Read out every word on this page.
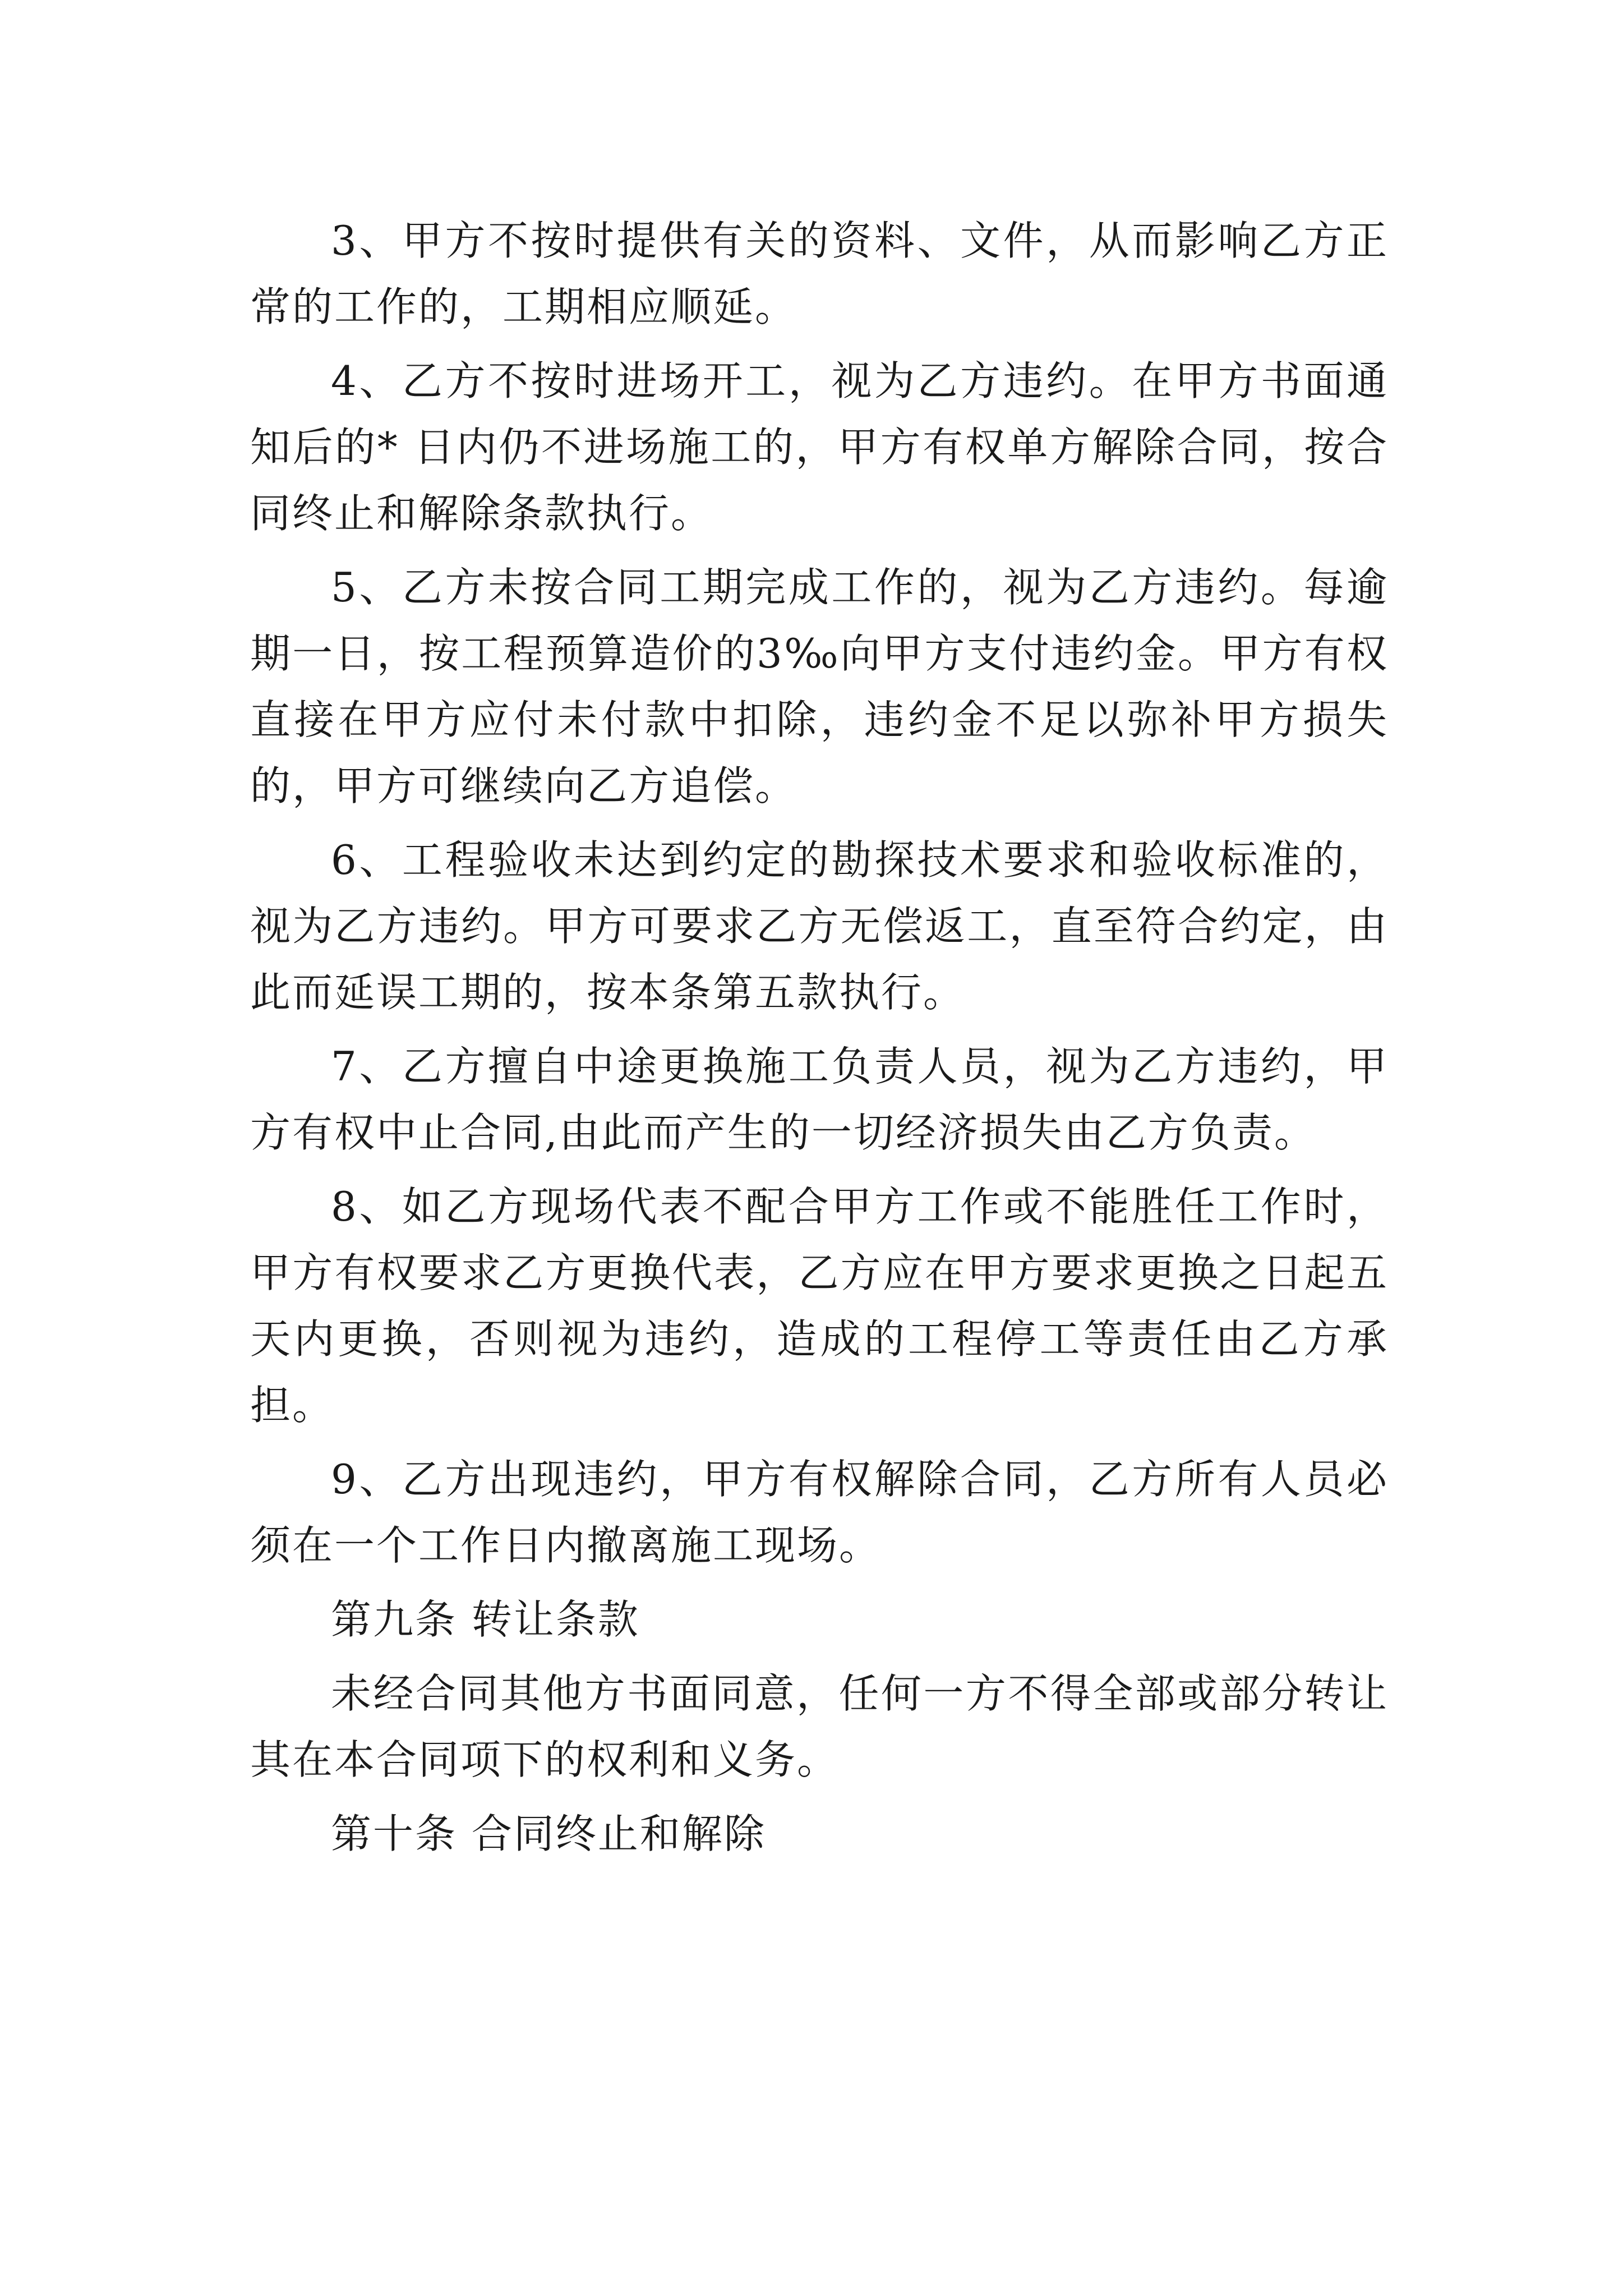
3、甲方不按时提供有关的资料、文件，从而影响乙方正常的工作的，工期相应顺延。

4、乙方不按时进场开工，视为乙方违约。在甲方书面通知后的* 日内仍不进场施工的，甲方有权单方解除合同，按合同终止和解除条款执行。

5、乙方未按合同工期完成工作的，视为乙方违约。每逾期一日，按工程预算造价的3‰向甲方支付违约金。甲方有权直接在甲方应付未付款中扣除，违约金不足以弥补甲方损失的，甲方可继续向乙方追偿。

6、工程验收未达到约定的勘探技术要求和验收标准的，视为乙方违约。甲方可要求乙方无偿返工，直至符合约定，由此而延误工期的，按本条第五款执行。

7、乙方擅自中途更换施工负责人员，视为乙方违约，甲方有权中止合同,由此而产生的一切经济损失由乙方负责。

8、如乙方现场代表不配合甲方工作或不能胜任工作时，甲方有权要求乙方更换代表，乙方应在甲方要求更换之日起五天内更换，否则视为违约，造成的工程停工等责任由乙方承担。

9、乙方出现违约，甲方有权解除合同，乙方所有人员必须在一个工作日内撤离施工现场。

第九条 转让条款

未经合同其他方书面同意，任何一方不得全部或部分转让其在本合同项下的权利和义务。

第十条 合同终止和解除
